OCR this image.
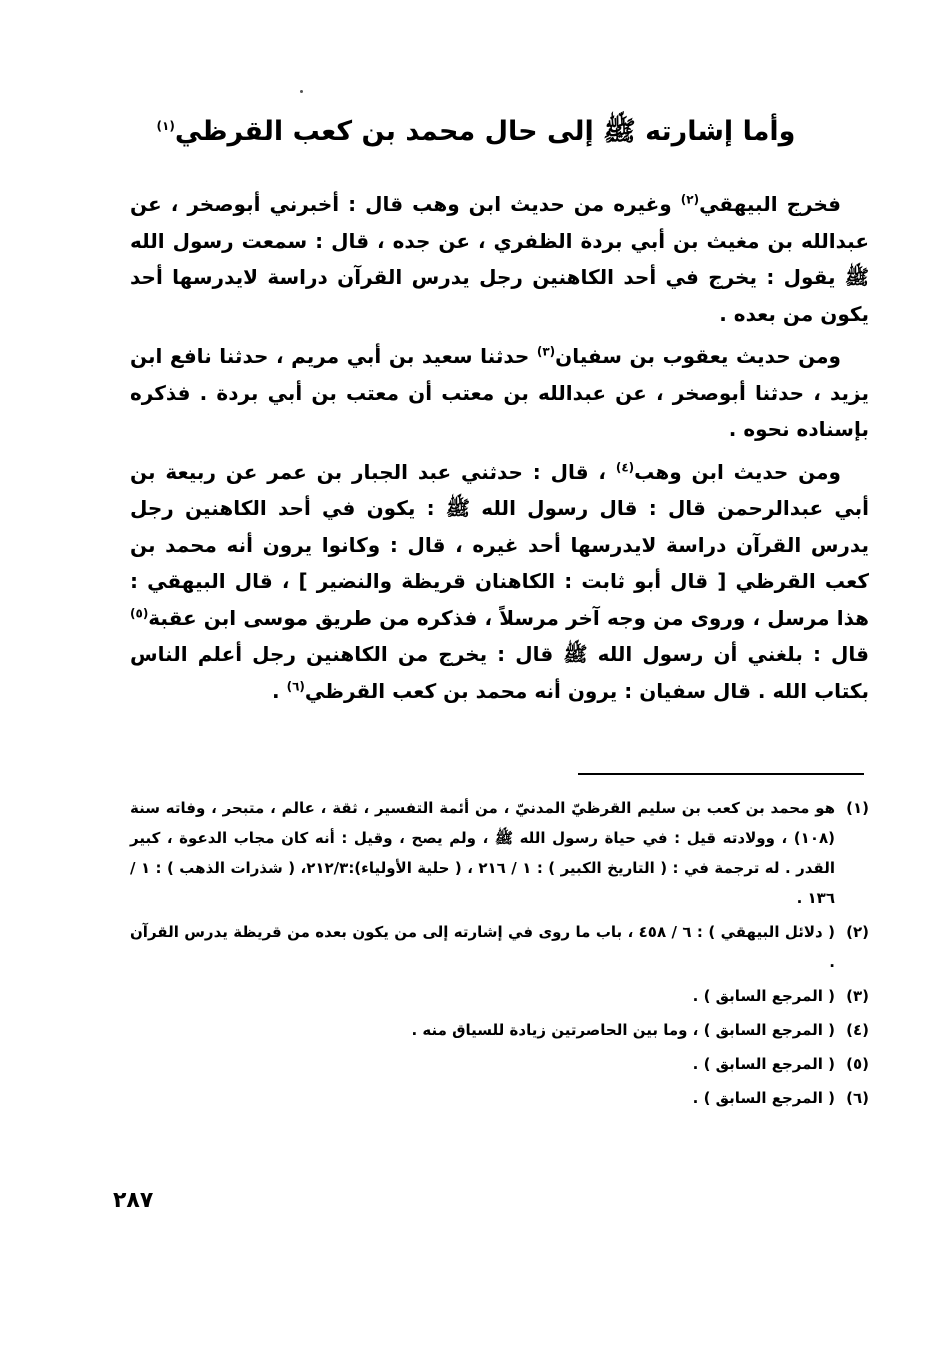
وأما إشارته ﷺ إلى حال محمد بن كعب القرظي$^{(١)}$

فخرج البيهقي$^{(٢)}$ وغيره من حديث ابن وهب قال : أخبرني أبوصخر ، عن عبدالله بن مغيث بن أبي بردة الظفري ، عن جده ، قال : سمعت رسول الله ﷺ يقول : يخرج في أحد الكاهنين رجل يدرس القرآن دراسة لايدرسها أحد يكون من بعده .

ومن حديث يعقوب بن سفيان$^{(٣)}$ حدثنا سعيد بن أبي مريم ، حدثنا نافع ابن يزيد ، حدثنا أبوصخر ، عن عبدالله بن معتب أن معتب بن أبي بردة . فذكره بإسناده نحوه .

ومن حديث ابن وهب$^{(٤)}$ ، قال : حدثني عبد الجبار بن عمر عن ربيعة بن أبي عبدالرحمن قال : قال رسول الله ﷺ : يكون في أحد الكاهنين رجل يدرس القرآن دراسة لايدرسها أحد غيره ، قال : وكانوا يرون أنه محمد بن كعب القرظي [ قال أبو ثابت : الكاهنان قريظة والنضير ] ، قال البيهقي : هذا مرسل ، وروى من وجه آخر مرسلاً ، فذكره من طريق موسى ابن عقبة$^{(٥)}$ قال : بلغني أن رسول الله ﷺ قال : يخرج من الكاهنين رجل أعلم الناس بكتاب الله . قال سفيان : يرون أنه محمد بن كعب القرظي$^{(٦)}$ .

(١)
هو محمد بن كعب بن سليم القرظيّ المدنيّ ، من أئمة التفسير ، ثقة ، عالم ، متبحر ، وفاته سنة (١٠٨) ، وولادته قيل : في حياة رسول الله ﷺ ، ولم يصح ، وقيل : أنه كان مجاب الدعوة ، كبير القدر . له ترجمة في : ( التاريخ الكبير ) : ١ / ٢١٦ ، ( حلية الأولياء):٢١٢/٣، ( شذرات الذهب ) : ١ / ١٣٦ .
(٢)
( دلائل البيهقي ) : ٦ / ٤٥٨ ، باب ما روى في إشارته إلى من يكون بعده من قريظة يدرس القرآن .
(٣)
( المرجع السابق ) .
(٤)
( المرجع السابق ) ، وما بين الحاصرتين زيادة للسياق منه .
(٥)
( المرجع السابق ) .
(٦)
( المرجع السابق ) .
٢٨٧
